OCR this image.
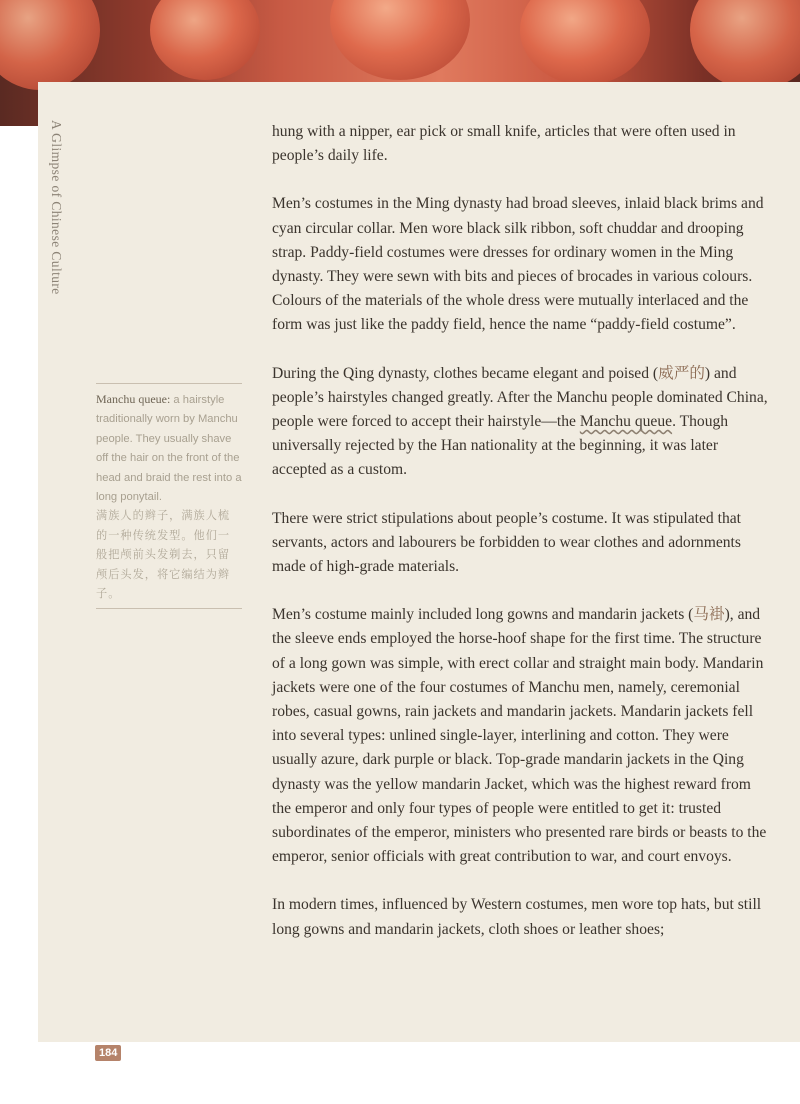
A Glimpse of Chinese Culture
Manchu queue: a hairstyle traditionally worn by Manchu people. They usually shave off the hair on the front of the head and braid the rest into a long ponytail.
满族人的辫子，满族人梳的一种传统发型。他们一般把颅前头发剃去，只留颅后头发，将它编结为辫子。

hung with a nipper, ear pick or small knife, articles that were often used in people’s daily life.

Men’s costumes in the Ming dynasty had broad sleeves, inlaid black brims and cyan circular collar. Men wore black silk ribbon, soft chuddar and drooping strap. Paddy-field costumes were dresses for ordinary women in the Ming dynasty. They were sewn with bits and pieces of brocades in various colours. Colours of the materials of the whole dress were mutually interlaced and the form was just like the paddy field, hence the name “paddy-field costume”.

During the Qing dynasty, clothes became elegant and poised (威严的) and people’s hairstyles changed greatly. After the Manchu people dominated China, people were forced to accept their hairstyle—the Manchu queue. Though universally rejected by the Han nationality at the beginning, it was later accepted as a custom.

There were strict stipulations about people’s costume. It was stipulated that servants, actors and labourers be forbidden to wear clothes and adornments made of high-grade materials.

Men’s costume mainly included long gowns and mandarin jackets (马褂), and the sleeve ends employed the horse-hoof shape for the first time. The structure of a long gown was simple, with erect collar and straight main body. Mandarin jackets were one of the four costumes of Manchu men, namely, ceremonial robes, casual gowns, rain jackets and mandarin jackets. Mandarin jackets fell into several types: unlined single-layer, interlining and cotton. They were usually azure, dark purple or black. Top-grade mandarin jackets in the Qing dynasty was the yellow mandarin Jacket, which was the highest reward from the emperor and only four types of people were entitled to get it: trusted subordinates of the emperor, ministers who presented rare birds or beasts to the emperor, senior officials with great contribution to war, and court envoys.

In modern times, influenced by Western costumes, men wore top hats, but still long gowns and mandarin jackets, cloth shoes or leather shoes;

184
